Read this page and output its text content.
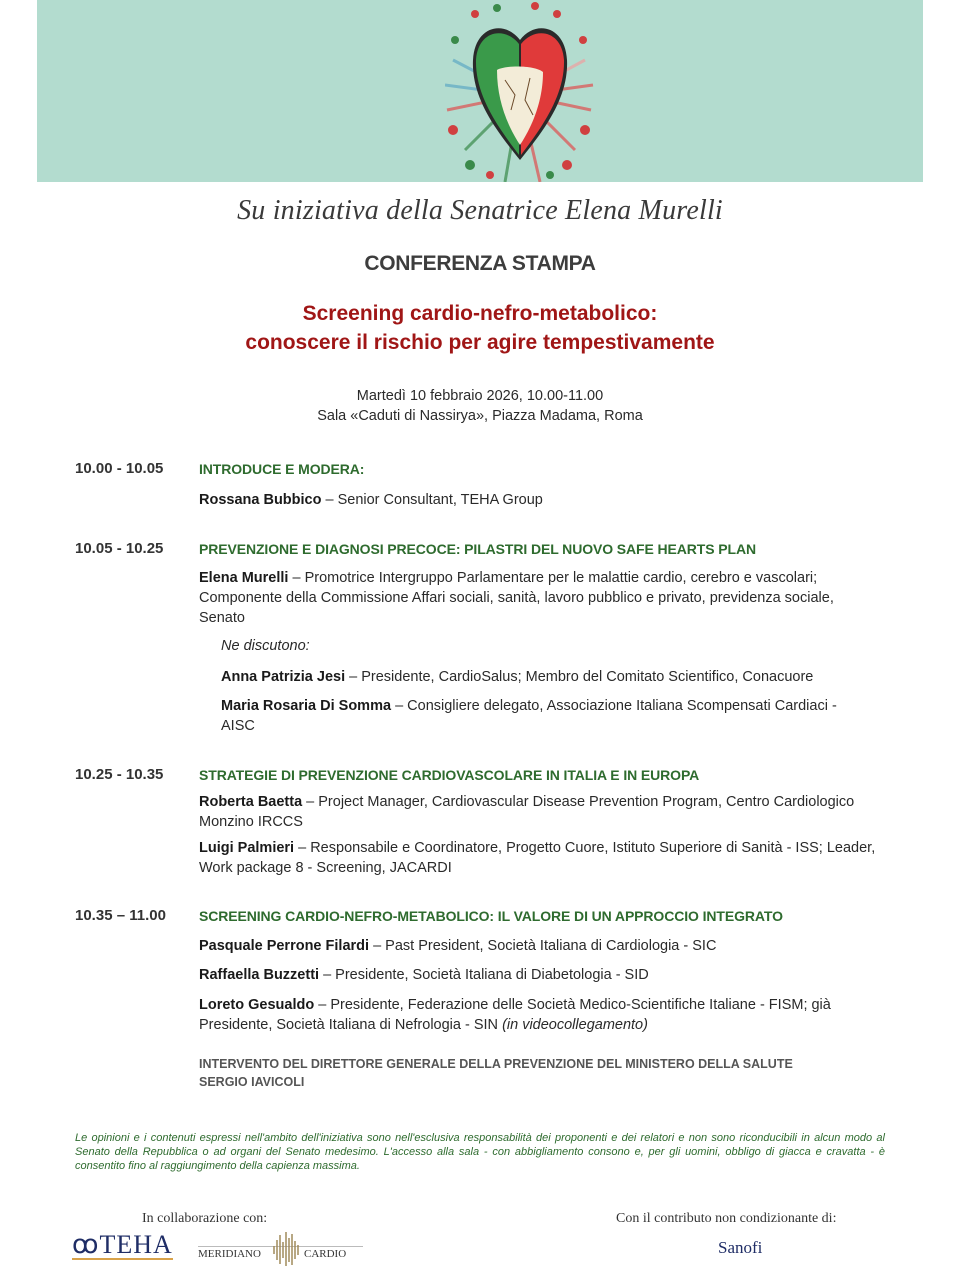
Su iniziativa della Senatrice Elena Murelli
CONFERENZA STAMPA
Screening cardio-nefro-metabolico:
conoscere il rischio per agire tempestivamente
Martedì 10 febbraio 2026, 10.00-11.00
Sala «Caduti di Nassirya», Piazza Madama, Roma
10.00 - 10.05	INTRODUCE E MODERA:
Rossana Bubbico – Senior Consultant, TEHA Group
10.05 - 10.25	PREVENZIONE E DIAGNOSI PRECOCE: PILASTRI DEL NUOVO SAFE HEARTS PLAN
Elena Murelli – Promotrice Intergruppo Parlamentare per le malattie cardio, cerebro e vascolari; Componente della Commissione Affari sociali, sanità, lavoro pubblico e privato, previdenza sociale, Senato
Ne discutono:
Anna Patrizia Jesi – Presidente, CardioSalus; Membro del Comitato Scientifico, Conacuore
Maria Rosaria Di Somma – Consigliere delegato, Associazione Italiana Scompensati Cardiaci - AISC
10.25 - 10.35	STRATEGIE DI PREVENZIONE CARDIOVASCOLARE IN ITALIA E IN EUROPA
Roberta Baetta – Project Manager, Cardiovascular Disease Prevention Program, Centro Cardiologico Monzino IRCCS
Luigi Palmieri – Responsabile e Coordinatore, Progetto Cuore, Istituto Superiore di Sanità - ISS; Leader, Work package 8 - Screening, JACARDI
10.35 – 11.00 SCREENING CARDIO-NEFRO-METABOLICO: IL VALORE DI UN APPROCCIO INTEGRATO
Pasquale Perrone Filardi – Past President, Società Italiana di Cardiologia - SIC
Raffaella Buzzetti – Presidente, Società Italiana di Diabetologia - SID
Loreto Gesualdo – Presidente, Federazione delle Società Medico-Scientifiche Italiane - FISM; già Presidente, Società Italiana di Nefrologia - SIN (in videocollegamento)
INTERVENTO DEL DIRETTORE GENERALE DELLA PREVENZIONE DEL MINISTERO DELLA SALUTE
SERGIO IAVICOLI
Le opinioni e i contenuti espressi nell'ambito dell'iniziativa sono nell'esclusiva responsabilità dei proponenti e dei relatori e non sono riconducibili in alcun modo al Senato della Repubblica o ad organi del Senato medesimo. L'accesso alla sala - con abbigliamento consono e, per gli uomini, obbligo di giacca e cravatta - è consentito fino al raggiungimento della capienza massima.
In collaborazione con:	Con il contributo non condizionante di:
ꝏTEHA MERIDIANO	CARDIO	Sanofi
